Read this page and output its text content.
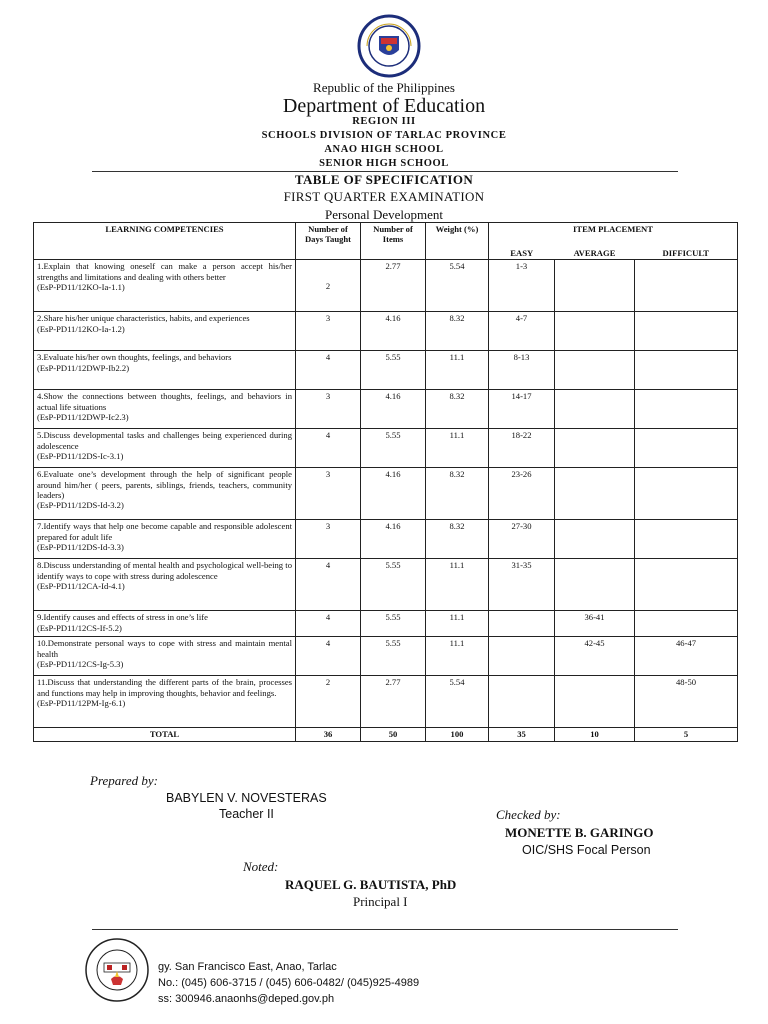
Republic of the Philippines
Department of Education
REGION III
SCHOOLS DIVISION OF TARLAC PROVINCE
ANAO HIGH SCHOOL
SENIOR HIGH SCHOOL
TABLE OF SPECIFICATION
FIRST QUARTER EXAMINATION
Personal Development
LEARNING COMPETENCIES	Number of Days Taught	Number of Items	Weight (%)	ITEM PLACEMENT		
				EASY	AVERAGE	DIFFICULT
1.Explain that knowing oneself can make a person accept his/her strengths and limitations and dealing with others better
(EsP-PD11/12KO-Ia-1.1)	2	2.77	5.54	1-3		
2.Share his/her unique characteristics, habits, and experiences
(EsP-PD11/12KO-Ia-1.2)	3	4.16	8.32	4-7		
3.Evaluate his/her own thoughts, feelings, and behaviors
(EsP-PD11/12DWP-Ib2.2)	4	5.55	11.1	8-13		
4.Show the connections between thoughts, feelings, and behaviors in actual life situations
(EsP-PD11/12DWP-Ic2.3)	3	4.16	8.32	14-17		
5.Discuss developmental tasks and challenges being experienced during adolescence
(EsP-PD11/12DS-Ic-3.1)	4	5.55	11.1	18-22		
6.Evaluate one’s development through the help of significant people around him/her ( peers, parents, siblings, friends, teachers, community leaders)
(EsP-PD11/12DS-Id-3.2)	3	4.16	8.32	23-26		
7.Identify ways that help one become capable and responsible adolescent prepared for adult life
(EsP-PD11/12DS-Id-3.3)	3	4.16	8.32	27-30		
8.Discuss understanding of mental health and psychological well-being to identify ways to cope with stress during adolescence
(EsP-PD11/12CA-Id-4.1)	4	5.55	11.1	31-35		
9.Identify causes and effects of stress in one’s life
(EsP-PD11/12CS-If-5.2)	4	5.55	11.1		36-41	
10.Demonstrate personal ways to cope with stress and maintain mental health
(EsP-PD11/12CS-Ig-5.3)	4	5.55	11.1		42-45	46-47
11.Discuss that understanding the different parts of the brain, processes and functions may help in improving thoughts, behavior and feelings.
(EsP-PD11/12PM-Ig-6.1)	2	2.77	5.54			48-50
TOTAL	36	50	100	35	10	5
Prepared by:
BABYLEN V. NOVESTERAS
Teacher II	Checked by:
MONETTE B. GARINGO
OIC/SHS Focal Person
Noted:
RAQUEL G. BAUTISTA, PhD
Principal I
gy. San Francisco East, Anao, Tarlac
No.: (045) 606-3715 / (045) 606-0482/ (045)925-4989
ss: 300946.anaonhs@deped.gov.ph
